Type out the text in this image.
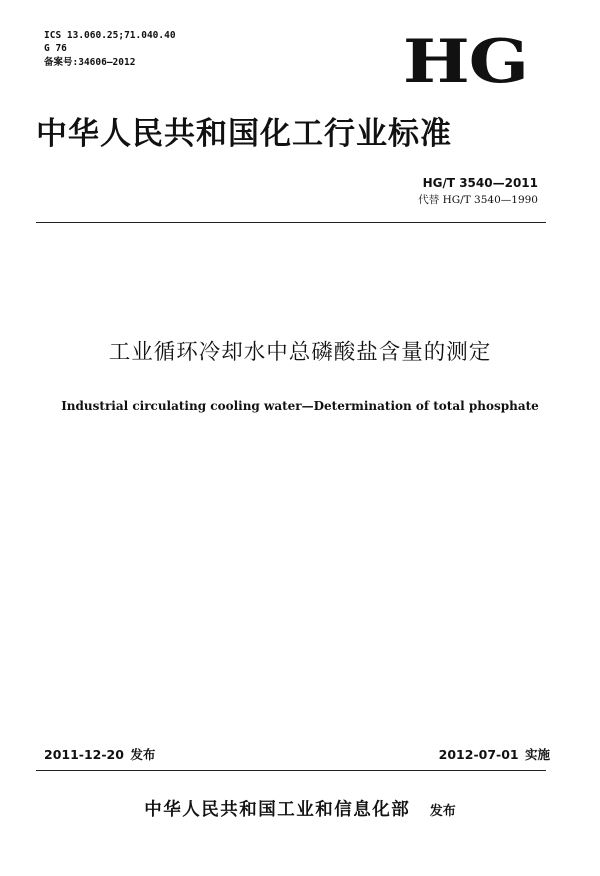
ICS 13.060.25;71.040.40
G 76
备案号:34606—2012	HG
中华人民共和国化工行业标准
HG/T 3540—2011
代替 HG/T 3540—1990
工业循环冷却水中总磷酸盐含量的测定
Industrial circulating cooling water—Determination of total phosphate
2011-12-20 发布	2012-07-01 实施
中华人民共和国工业和信息化部 发布
